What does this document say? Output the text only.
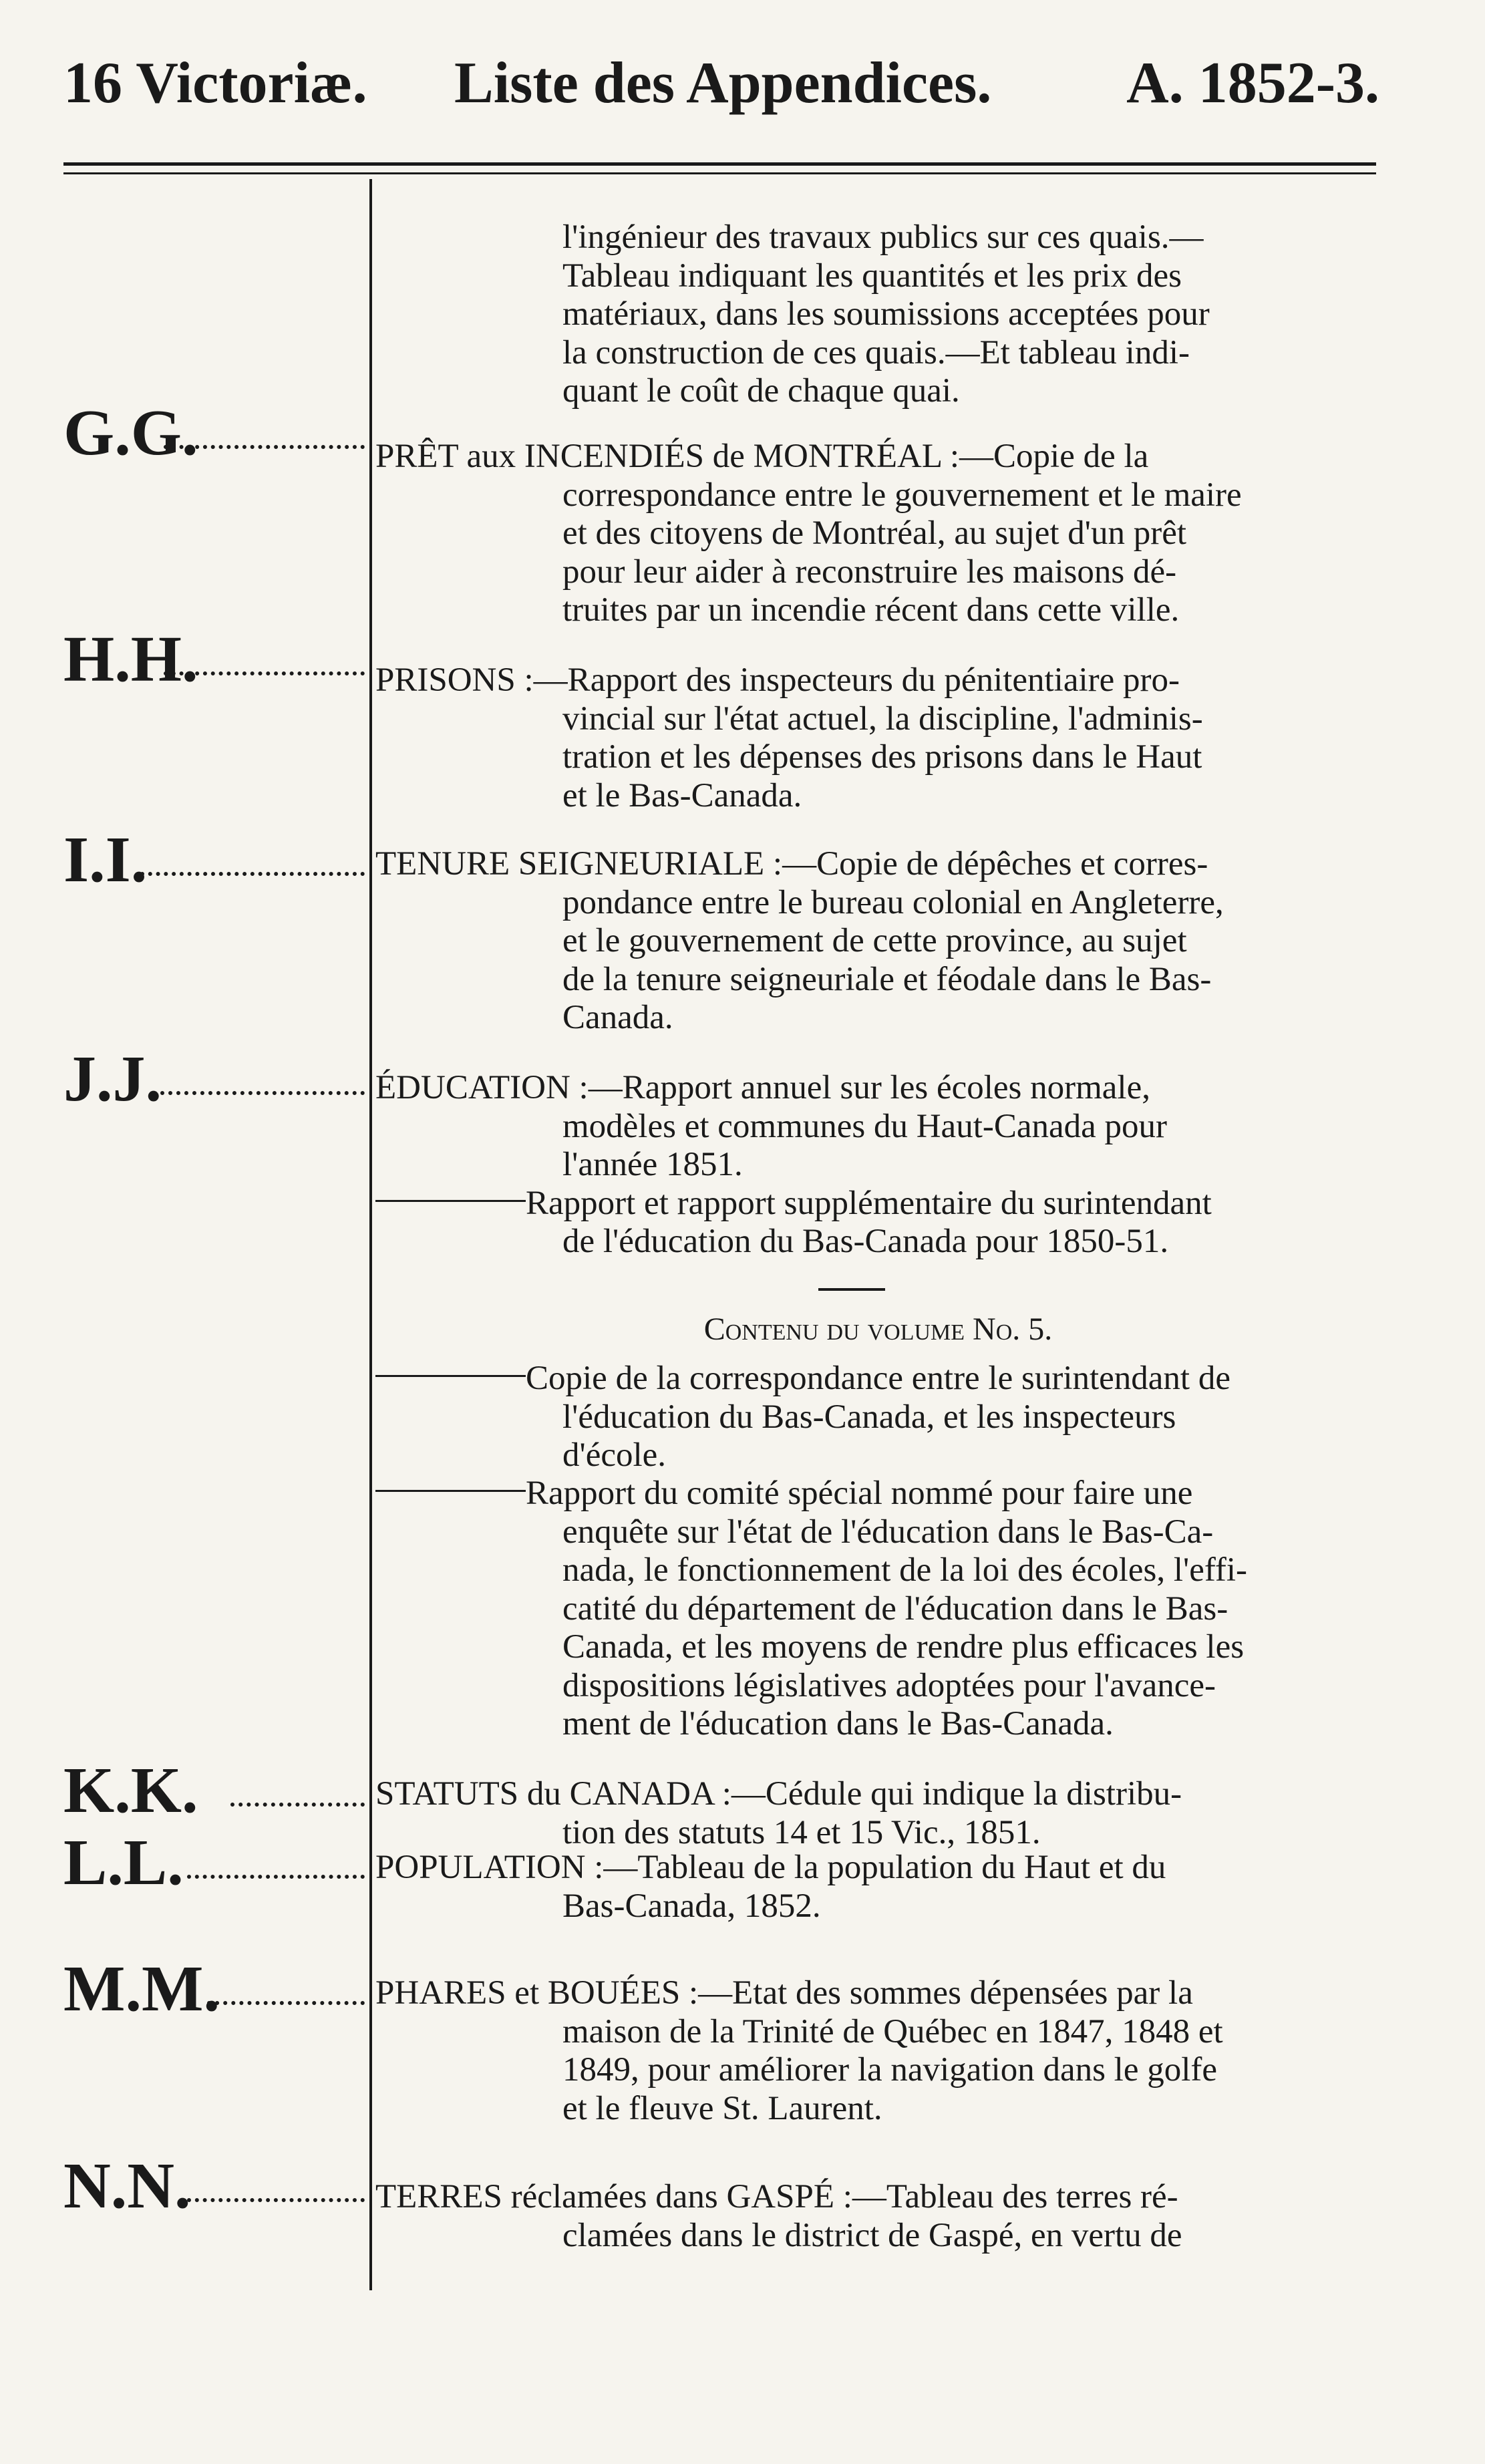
16 Victoriæ. Liste des Appendices. A. 1852-3.
l'ingénieur des travaux publics sur ces quais.—
Tableau indiquant les quantités et les prix des
matériaux, dans les soumissions acceptées pour
la construction de ces quais.—Et tableau indi-
quant le coût de chaque quai.
G.G.	PRÊT aux INCENDIÉS de MONTRÉAL :—Copie de la
correspondance entre le gouvernement et le maire
et des citoyens de Montréal, au sujet d'un prêt
pour leur aider à reconstruire les maisons dé-
truites par un incendie récent dans cette ville.
H.H.	PRISONS :—Rapport des inspecteurs du pénitentiaire pro-
vincial sur l'état actuel, la discipline, l'adminis-
tration et les dépenses des prisons dans le Haut
et le Bas-Canada.
I.I.	TENURE SEIGNEURIALE :—Copie de dépêches et corres-
pondance entre le bureau colonial en Angleterre,
et le gouvernement de cette province, au sujet
de la tenure seigneuriale et féodale dans le Bas-
Canada.
J.J.	ÉDUCATION :—Rapport annuel sur les écoles normale,
modèles et communes du Haut-Canada pour
l'année 1851.
Rapport et rapport supplémentaire du surintendant
de l'éducation du Bas-Canada pour 1850-51.
Contenu du volume No. 5.
Copie de la correspondance entre le surintendant de
l'éducation du Bas-Canada, et les inspecteurs
d'école.
Rapport du comité spécial nommé pour faire une
enquête sur l'état de l'éducation dans le Bas-Ca-
nada, le fonctionnement de la loi des écoles, l'effi-
catité du département de l'éducation dans le Bas-
Canada, et les moyens de rendre plus efficaces les
dispositions législatives adoptées pour l'avance-
ment de l'éducation dans le Bas-Canada.
K.K.	STATUTS du CANADA :—Cédule qui indique la distribu-
tion des statuts 14 et 15 Vic., 1851.
L.L.	POPULATION :—Tableau de la population du Haut et du
Bas-Canada, 1852.
M.M.	PHARES et BOUÉES :—Etat des sommes dépensées par la
maison de la Trinité de Québec en 1847, 1848 et
1849, pour améliorer la navigation dans le golfe
et le fleuve St. Laurent.
N.N.	TERRES réclamées dans GASPÉ :—Tableau des terres ré-
clamées dans le district de Gaspé, en vertu de
